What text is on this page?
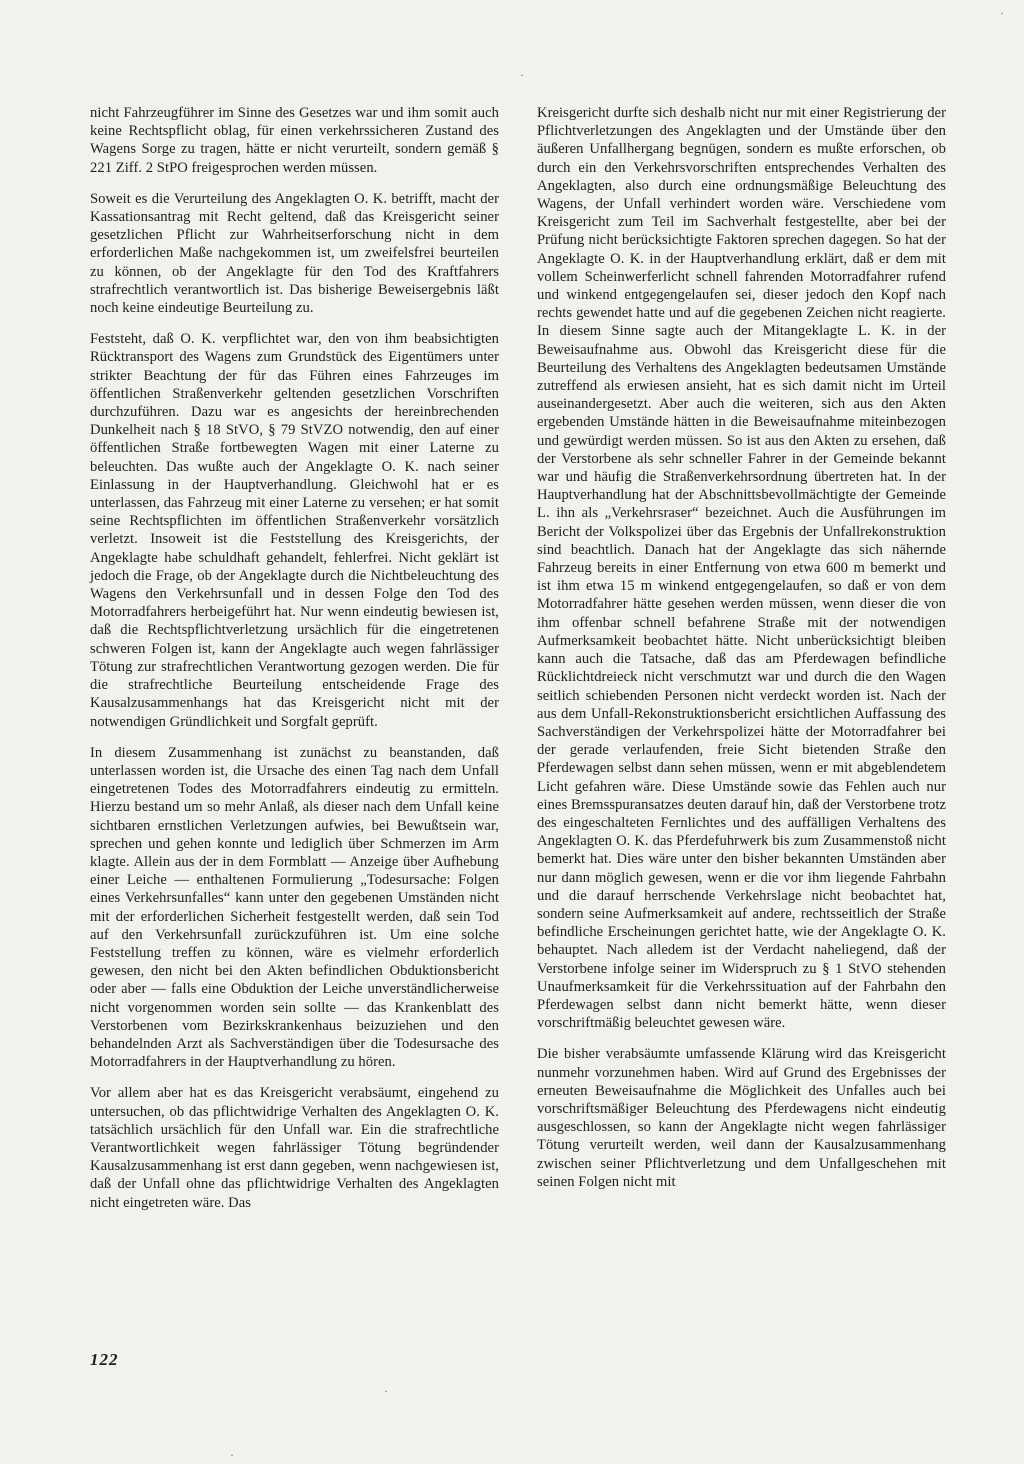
nicht Fahrzeugführer im Sinne des Gesetzes war und ihm somit auch keine Rechtspflicht oblag, für einen verkehrssicheren Zustand des Wagens Sorge zu tragen, hätte er nicht verurteilt, sondern gemäß § 221 Ziff. 2 StPO freigesprochen werden müssen.

Soweit es die Verurteilung des Angeklagten O. K. betrifft, macht der Kassationsantrag mit Recht geltend, daß das Kreisgericht seiner gesetzlichen Pflicht zur Wahrheitserforschung nicht in dem erforderlichen Maße nachgekommen ist, um zweifelsfrei beurteilen zu können, ob der Angeklagte für den Tod des Kraftfahrers strafrechtlich verantwortlich ist. Das bisherige Beweisergebnis läßt noch keine eindeutige Beurteilung zu.

Feststeht, daß O. K. verpflichtet war, den von ihm beabsichtigten Rücktransport des Wagens zum Grundstück des Eigentümers unter strikter Beachtung der für das Führen eines Fahrzeuges im öffentlichen Straßenverkehr geltenden gesetzlichen Vorschriften durchzuführen. Dazu war es angesichts der hereinbrechenden Dunkelheit nach § 18 StVO, § 79 StVZO notwendig, den auf einer öffentlichen Straße fortbewegten Wagen mit einer Laterne zu beleuchten. Das wußte auch der Angeklagte O. K. nach seiner Einlassung in der Hauptverhandlung. Gleichwohl hat er es unterlassen, das Fahrzeug mit einer Laterne zu versehen; er hat somit seine Rechtspflichten im öffentlichen Straßenverkehr vorsätzlich verletzt. Insoweit ist die Feststellung des Kreisgerichts, der Angeklagte habe schuldhaft gehandelt, fehlerfrei. Nicht geklärt ist jedoch die Frage, ob der Angeklagte durch die Nichtbeleuchtung des Wagens den Verkehrsunfall und in dessen Folge den Tod des Motorradfahrers herbeigeführt hat. Nur wenn eindeutig bewiesen ist, daß die Rechtspflichtverletzung ursächlich für die eingetretenen schweren Folgen ist, kann der Angeklagte auch wegen fahrlässiger Tötung zur strafrechtlichen Verantwortung gezogen werden. Die für die strafrechtliche Beurteilung entscheidende Frage des Kausalzusammenhangs hat das Kreisgericht nicht mit der notwendigen Gründlichkeit und Sorgfalt geprüft.

In diesem Zusammenhang ist zunächst zu beanstanden, daß unterlassen worden ist, die Ursache des einen Tag nach dem Unfall eingetretenen Todes des Motorradfahrers eindeutig zu ermitteln. Hierzu bestand um so mehr Anlaß, als dieser nach dem Unfall keine sichtbaren ernstlichen Verletzungen aufwies, bei Bewußtsein war, sprechen und gehen konnte und lediglich über Schmerzen im Arm klagte. Allein aus der in dem Formblatt — Anzeige über Aufhebung einer Leiche — enthaltenen Formulierung „Todesursache: Folgen eines Verkehrsunfalles“ kann unter den gegebenen Umständen nicht mit der erforderlichen Sicherheit festgestellt werden, daß sein Tod auf den Verkehrsunfall zurückzuführen ist. Um eine solche Feststellung treffen zu können, wäre es vielmehr erforderlich gewesen, den nicht bei den Akten befindlichen Obduktionsbericht oder aber — falls eine Obduktion der Leiche unverständlicherweise nicht vorgenommen worden sein sollte — das Krankenblatt des Verstorbenen vom Bezirkskrankenhaus beizuziehen und den behandelnden Arzt als Sachverständigen über die Todesursache des Motorradfahrers in der Hauptverhandlung zu hören.

Vor allem aber hat es das Kreisgericht verabsäumt, eingehend zu untersuchen, ob das pflichtwidrige Verhalten des Angeklagten O. K. tatsächlich ursächlich für den Unfall war. Ein die strafrechtliche Verantwortlichkeit wegen fahrlässiger Tötung begründender Kausalzusammenhang ist erst dann gegeben, wenn nachgewiesen ist, daß der Unfall ohne das pflichtwidrige Verhalten des Angeklagten nicht eingetreten wäre. Das

Kreisgericht durfte sich deshalb nicht nur mit einer Registrierung der Pflichtverletzungen des Angeklagten und der Umstände über den äußeren Unfallhergang begnügen, sondern es mußte erforschen, ob durch ein den Verkehrsvorschriften entsprechendes Verhalten des Angeklagten, also durch eine ordnungsmäßige Beleuchtung des Wagens, der Unfall verhindert worden wäre. Verschiedene vom Kreisgericht zum Teil im Sachverhalt festgestellte, aber bei der Prüfung nicht berücksichtigte Faktoren sprechen dagegen. So hat der Angeklagte O. K. in der Hauptverhandlung erklärt, daß er dem mit vollem Scheinwerferlicht schnell fahrenden Motorradfahrer rufend und winkend entgegengelaufen sei, dieser jedoch den Kopf nach rechts gewendet hatte und auf die gegebenen Zeichen nicht reagierte. In diesem Sinne sagte auch der Mitangeklagte L. K. in der Beweisaufnahme aus. Obwohl das Kreisgericht diese für die Beurteilung des Verhaltens des Angeklagten bedeutsamen Umstände zutreffend als erwiesen ansieht, hat es sich damit nicht im Urteil auseinandergesetzt. Aber auch die weiteren, sich aus den Akten ergebenden Umstände hätten in die Beweisaufnahme miteinbezogen und gewürdigt werden müssen. So ist aus den Akten zu ersehen, daß der Verstorbene als sehr schneller Fahrer in der Gemeinde bekannt war und häufig die Straßenverkehrsordnung übertreten hat. In der Hauptverhandlung hat der Abschnittsbevollmächtigte der Gemeinde L. ihn als „Verkehrsraser“ bezeichnet. Auch die Ausführungen im Bericht der Volkspolizei über das Ergebnis der Unfallrekonstruktion sind beachtlich. Danach hat der Angeklagte das sich nähernde Fahrzeug bereits in einer Entfernung von etwa 600 m bemerkt und ist ihm etwa 15 m winkend entgegengelaufen, so daß er von dem Motorradfahrer hätte gesehen werden müssen, wenn dieser die von ihm offenbar schnell befahrene Straße mit der notwendigen Aufmerksamkeit beobachtet hätte. Nicht unberücksichtigt bleiben kann auch die Tatsache, daß das am Pferdewagen befindliche Rücklichtdreieck nicht verschmutzt war und durch die den Wagen seitlich schiebenden Personen nicht verdeckt worden ist. Nach der aus dem Unfall-Rekonstruktionsbericht ersichtlichen Auffassung des Sachverständigen der Verkehrspolizei hätte der Motorradfahrer bei der gerade verlaufenden, freie Sicht bietenden Straße den Pferdewagen selbst dann sehen müssen, wenn er mit abgeblendetem Licht gefahren wäre. Diese Umstände sowie das Fehlen auch nur eines Bremsspuransatzes deuten darauf hin, daß der Verstorbene trotz des eingeschalteten Fernlichtes und des auffälligen Verhaltens des Angeklagten O. K. das Pferdefuhrwerk bis zum Zusammenstoß nicht bemerkt hat. Dies wäre unter den bisher bekannten Umständen aber nur dann möglich gewesen, wenn er die vor ihm liegende Fahrbahn und die darauf herrschende Verkehrslage nicht beobachtet hat, sondern seine Aufmerksamkeit auf andere, rechtsseitlich der Straße befindliche Erscheinungen gerichtet hatte, wie der Angeklagte O. K. behauptet. Nach alledem ist der Verdacht naheliegend, daß der Verstorbene infolge seiner im Widerspruch zu § 1 StVO stehenden Unaufmerksamkeit für die Verkehrssituation auf der Fahrbahn den Pferdewagen selbst dann nicht bemerkt hätte, wenn dieser vorschriftmäßig beleuchtet gewesen wäre.

Die bisher verabsäumte umfassende Klärung wird das Kreisgericht nunmehr vorzunehmen haben. Wird auf Grund des Ergebnisses der erneuten Beweisaufnahme die Möglichkeit des Unfalles auch bei vorschriftsmäßiger Beleuchtung des Pferdewagens nicht eindeutig ausgeschlossen, so kann der Angeklagte nicht wegen fahrlässiger Tötung verurteilt werden, weil dann der Kausalzusammenhang zwischen seiner Pflichtverletzung und dem Unfallgeschehen mit seinen Folgen nicht mit

122
·
·
·
·
